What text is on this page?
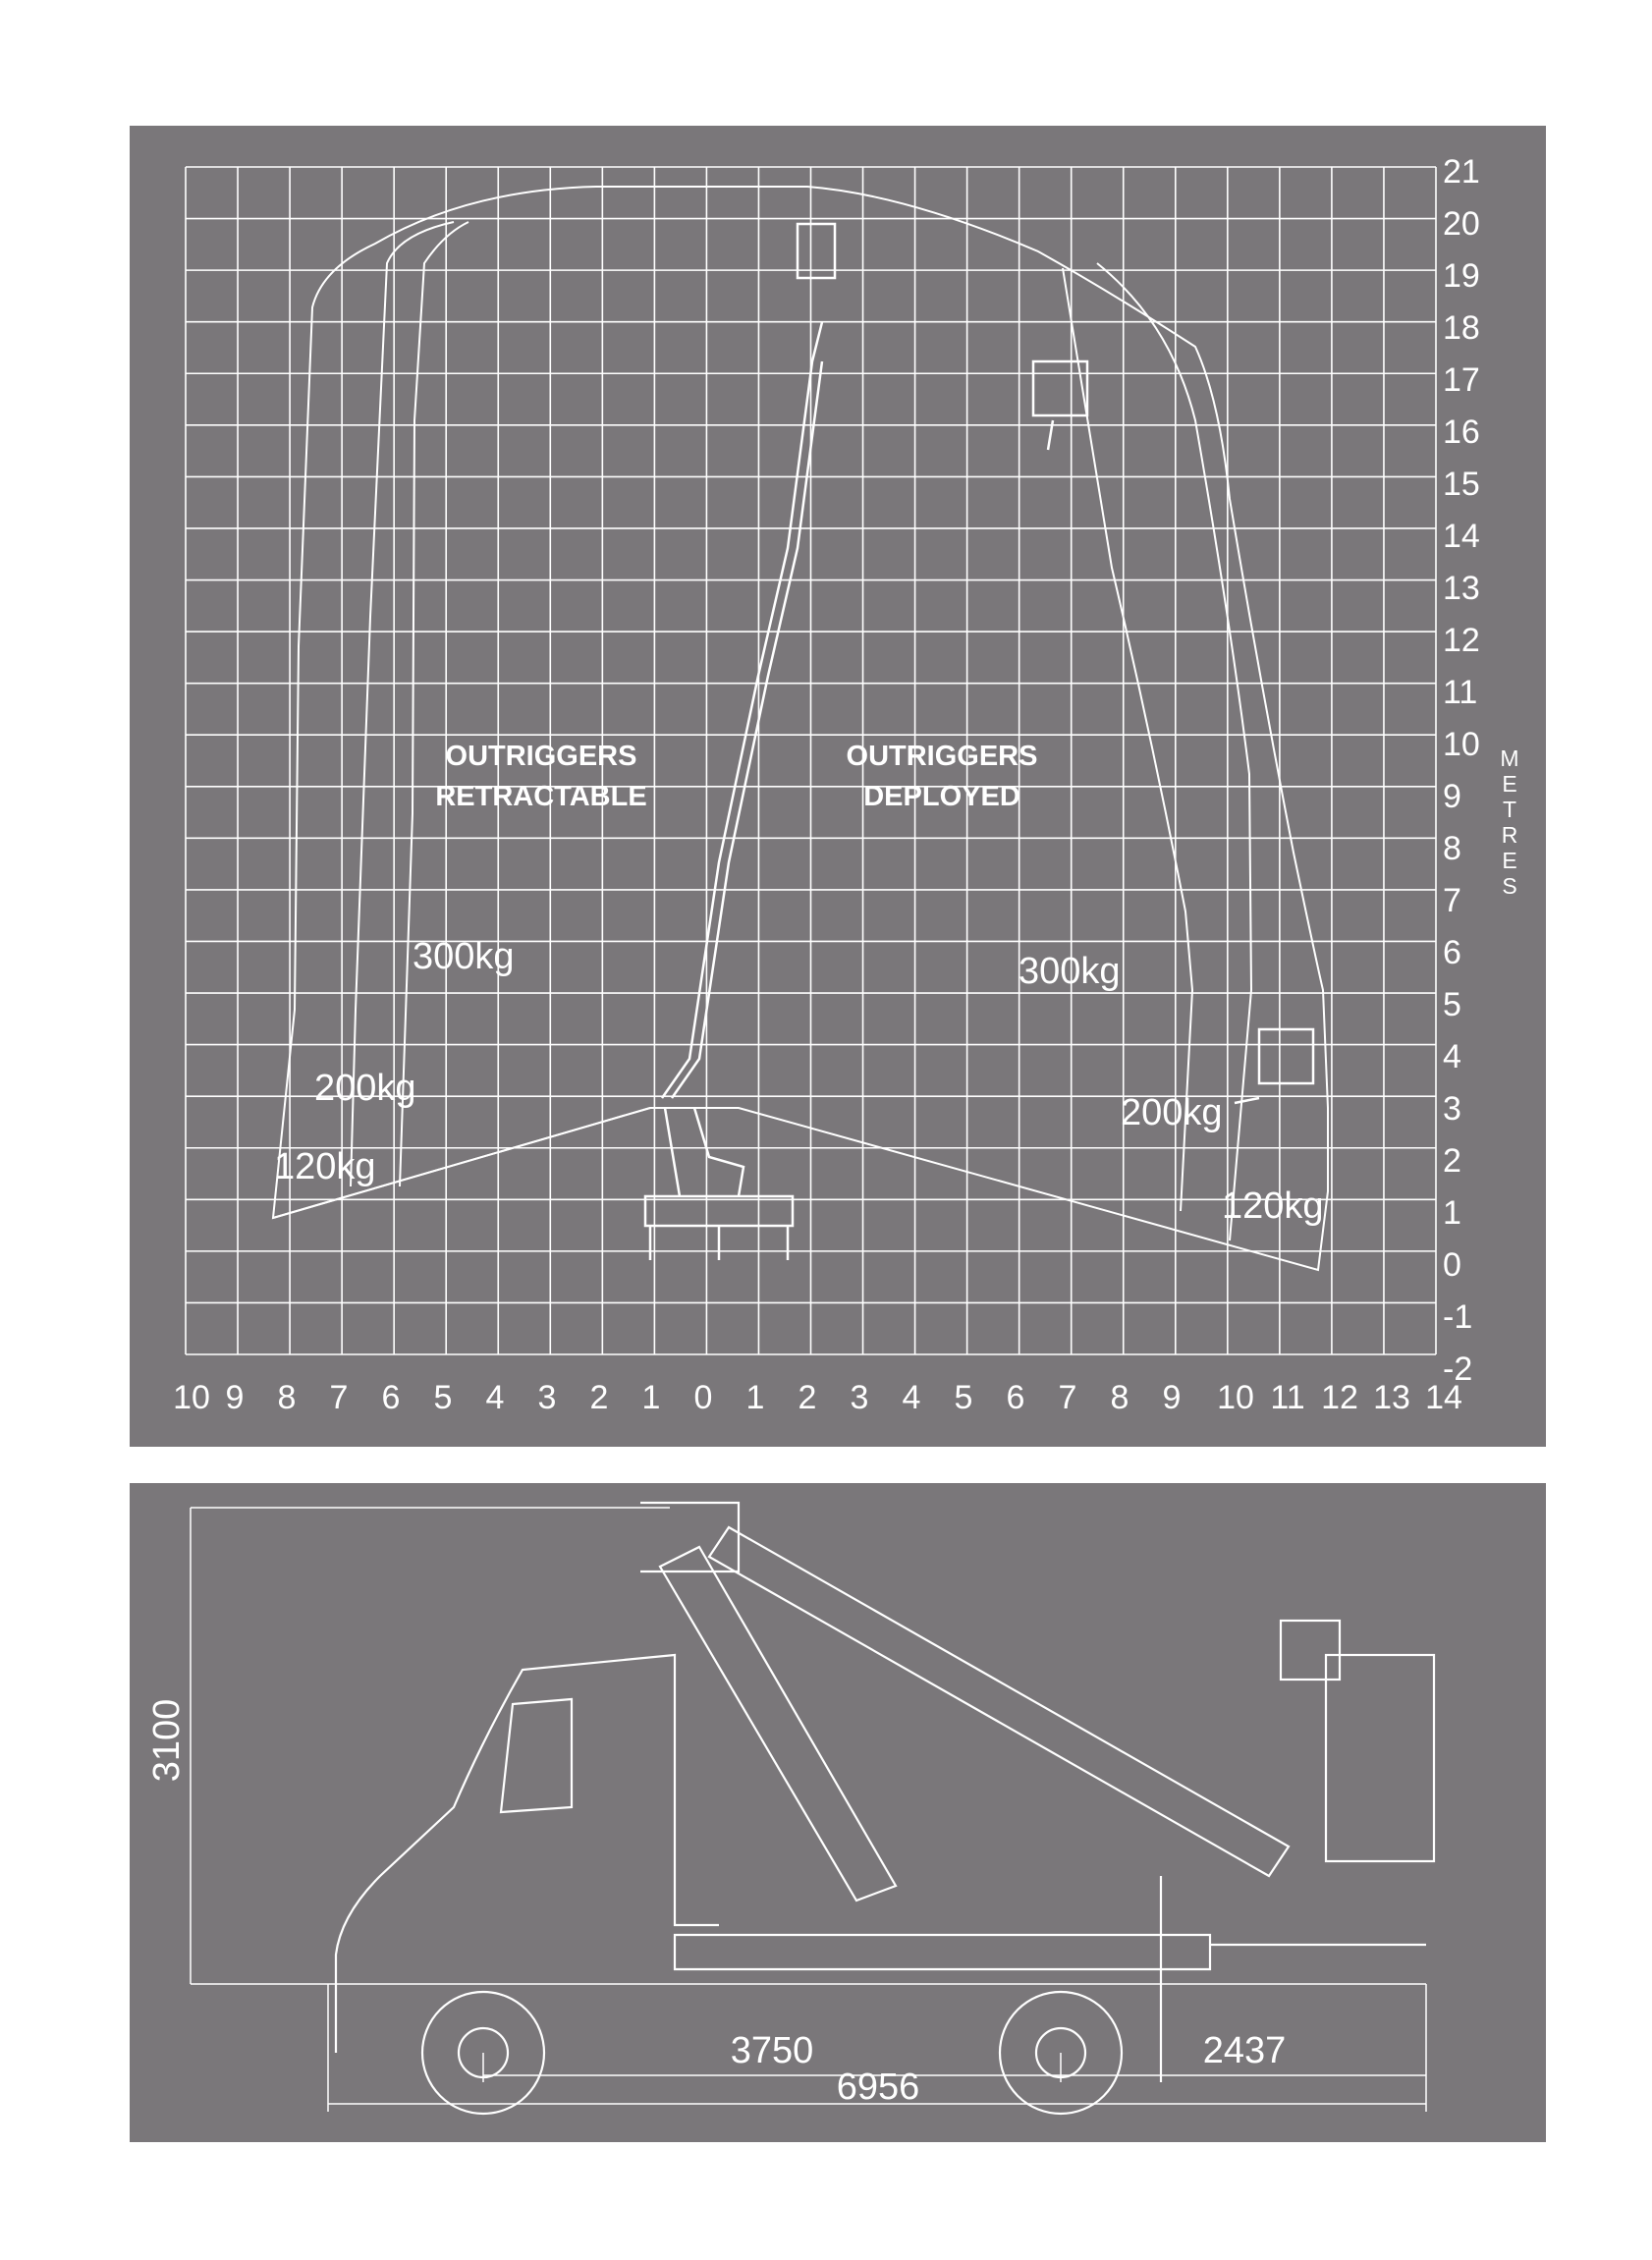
OUTRIGGERS
RETRACTABLE
OUTRIGGERS
DEPLOYED
300kg
200kg
120kg
300kg
200kg
120kg
21
20
19
18
17
16
15
14
13
12
11
10
9
8
7
6
5
4
3
2
1
0
-1
-2
M
E
T
R
E
S
10 9 8 7 6 5 4 3 2 1 0 1 2 3 4 5 6 7 8 9 10 11 12 13 14
3100
3750	2437
6956
